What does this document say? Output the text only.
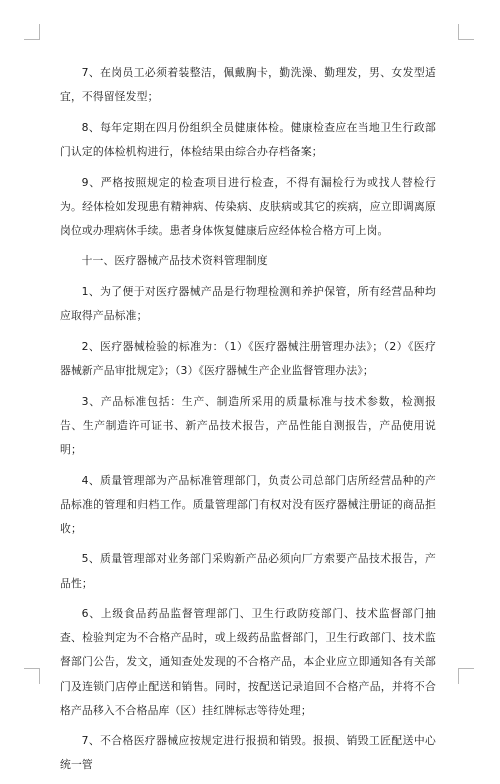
7、在岗员工必须着装整洁，佩戴胸卡，勤洗澡、勤理发，男、女发型适宜，不得留怪发型；

8、每年定期在四月份组织全员健康体检。健康检查应在当地卫生行政部门认定的体检机构进行，体检结果由综合办存档备案；

9、严格按照规定的检查项目进行检查，不得有漏检行为或找人替检行为。经体检如发现患有精神病、传染病、皮肤病或其它的疾病，应立即调离原岗位或办理病休手续。患者身体恢复健康后应经体检合格方可上岗。

十一、医疗器械产品技术资料管理制度

1、为了便于对医疗器械产品是行物理检测和养护保管，所有经营品种均应取得产品标准；

2、医疗器械检验的标准为：（1）《医疗器械注册管理办法》；（2）《医疗器械新产品审批规定》；（3）《医疗器械生产企业监督管理办法》；

3、产品标准包括：生产、制造所采用的质量标准与技术参数，检测报告、生产制造许可证书、新产品技术报告，产品性能自测报告，产品使用说明；

4、质量管理部为产品标准管理部门，负责公司总部门店所经营品种的产品标准的管理和归档工作。质量管理部门有权对没有医疗器械注册证的商品拒收；

5、质量管理部对业务部门采购新产品必须向厂方索要产品技术报告，产品性；

6、上级食品药品监督管理部门、卫生行政防疫部门、技术监督部门抽查、检验判定为不合格产品时，或上级药品监督部门，卫生行政部门、技术监督部门公告，发文，通知查处发现的不合格产品，本企业应立即通知各有关部门及连锁门店停止配送和销售。同时，按配送记录追回不合格产品，并将不合格产品移入不合格品库（区）挂红牌标志等待处理；

7、不合格医疗器械应按规定进行报损和销毁。报损、销毁工匠配送中心统一管
